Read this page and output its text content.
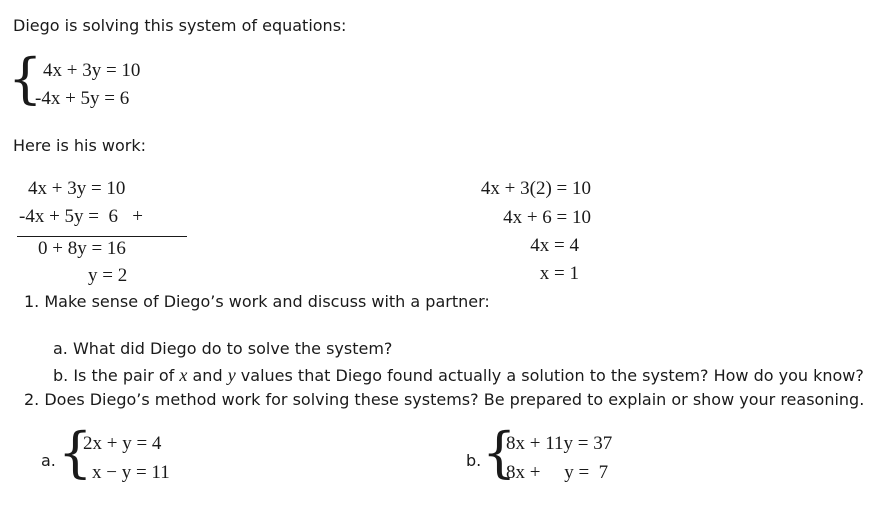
Diego is solving this system of equations:
{ 4x + 3y = 10
-4x + 5y = 6
Here is his work:
4x + 3y = 10
-4x + 5y =  6   +
0 + 8y = 16
y = 2
4x + 3(2) = 10
4x + 6 = 10
4x = 4
x = 1
1. Make sense of Diego’s work and discuss with a partner:
a. What did Diego do to solve the system?
b. Is the pair of x and y values that Diego found actually a solution to the system? How do you know?
2. Does Diego’s method work for solving these systems? Be prepared to explain or show your reasoning.
a. {
2x + y = 4
x − y = 11
b. {
8x + 11y = 37
8x +     y =  7
